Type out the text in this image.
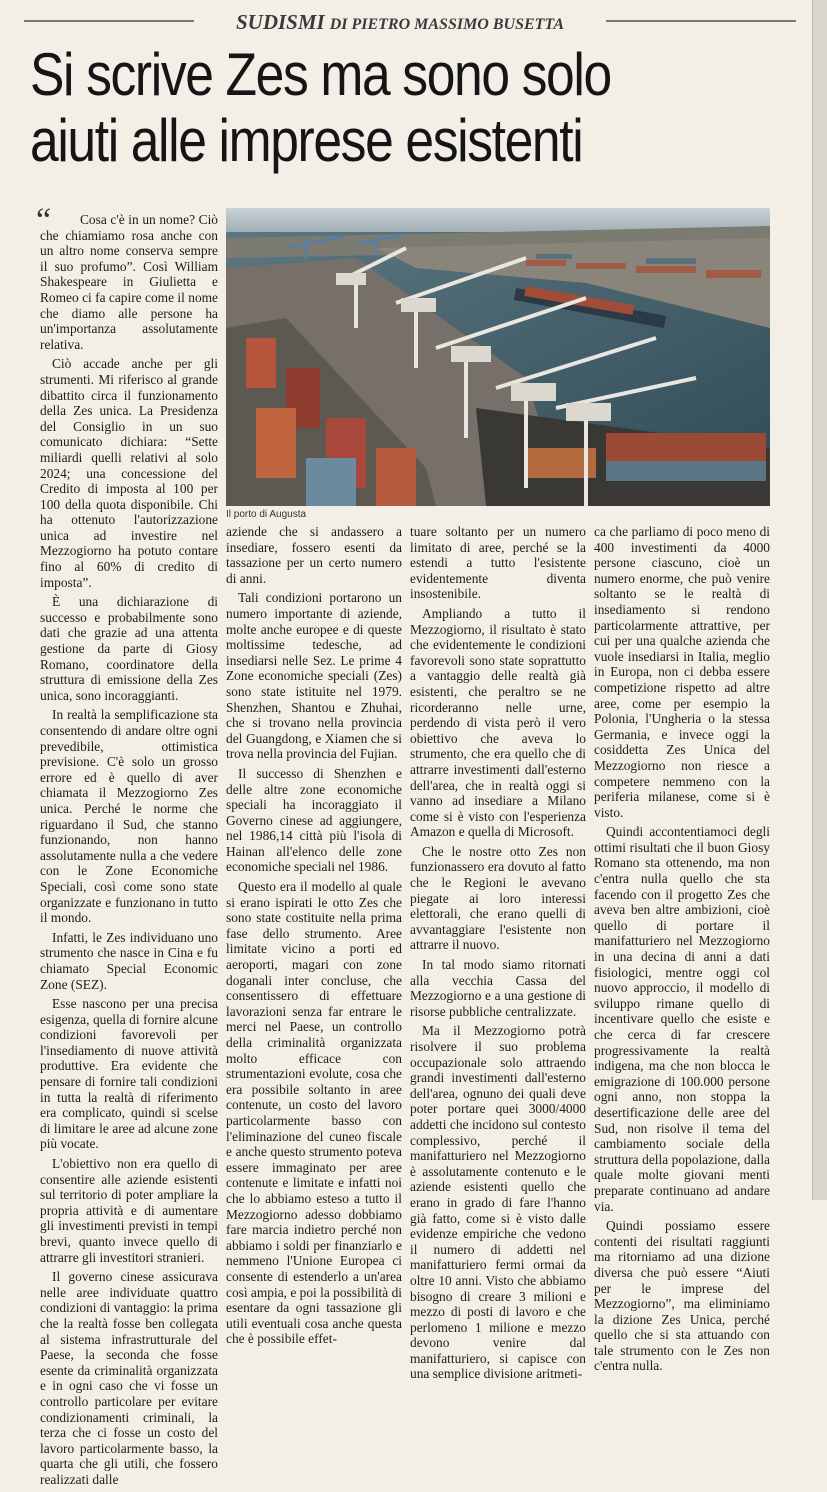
SUDISMI DI PIETRO MASSIMO BUSETTA
Si scrive Zes ma sono solo
aiuti alle imprese esistenti
“	Cosa c'è in un nome? Ciò che chiamiamo rosa anche con un altro nome conserva sempre il suo profumo”. Così William Shakespeare in Giulietta e Romeo ci fa capire come il nome che diamo alle persone ha un'importanza assolutamente relativa.

Ciò accade anche per gli strumenti. Mi riferisco al grande dibattito circa il funzionamento della Zes unica. La Presidenza del Consiglio in un suo comunicato dichiara: “Sette miliardi quelli relativi al solo 2024; una concessione del Credito di imposta al 100 per 100 della quota disponibile. Chi ha ottenuto l'autorizzazione unica ad investire nel Mezzogiorno ha potuto contare fino al 60% di credito di imposta”.

È una dichiarazione di successo e probabilmente sono dati che grazie ad una attenta gestione da parte di Giosy Romano, coordinatore della struttura di emissione della Zes unica, sono incoraggianti.

In realtà la semplificazione sta consentendo di andare oltre ogni prevedibile, ottimistica previsione. C'è solo un grosso errore ed è quello di aver chiamata il Mezzogiorno Zes unica. Perché le norme che riguardano il Sud, che stanno funzionando, non hanno assolutamente nulla a che vedere con le Zone Economiche Speciali, così come sono state organizzate e funzionano in tutto il mondo.

Infatti, le Zes individuano uno strumento che nasce in Cina e fu chiamato Special Economic Zone (SEZ).

Esse nascono per una precisa esigenza, quella di fornire alcune condizioni favorevoli per l'insediamento di nuove attività produttive. Era evidente che pensare di fornire tali condizioni in tutta la realtà di riferimento era complicato, quindi si scelse di limitare le aree ad alcune zone più vocate.

L'obiettivo non era quello di consentire alle aziende esistenti sul territorio di poter ampliare la propria attività e di aumentare gli investimenti previsti in tempi brevi, quanto invece quello di attrarre gli investitori stranieri.

Il governo cinese assicurava nelle aree individuate quattro condizioni di vantaggio: la prima che la realtà fosse ben collegata al sistema infrastrutturale del Paese, la seconda che fosse esente da criminalità organizzata e in ogni caso che vi fosse un controllo particolare per evitare condizionamenti criminali, la terza che ci fosse un costo del lavoro particolarmente basso, la quarta che gli utili, che fossero realizzati dalle

Il porto di Augusta

aziende che si andassero a insediare, fossero esenti da tassazione per un certo numero di anni.

Tali condizioni portarono un numero importante di aziende, molte anche europee e di queste moltissime tedesche, ad insediarsi nelle Sez. Le prime 4 Zone economiche speciali (Zes) sono state istituite nel 1979. Shenzhen, Shantou e Zhuhai, che si trovano nella provincia del Guangdong, e Xiamen che si trova nella provincia del Fujian.

Il successo di Shenzhen e delle altre zone economiche speciali ha incoraggiato il Governo cinese ad aggiungere, nel 1986,14 città più l'isola di Hainan all'elenco delle zone economiche speciali nel 1986.

Questo era il modello al quale si erano ispirati le otto Zes che sono state costituite nella prima fase dello strumento. Aree limitate vicino a porti ed aeroporti, magari con zone doganali inter concluse, che consentissero di effettuare lavorazioni senza far entrare le merci nel Paese, un controllo della criminalità organizzata molto efficace con strumentazioni evolute, cosa che era possibile soltanto in aree contenute, un costo del lavoro particolarmente basso con l'eliminazione del cuneo fiscale e anche questo strumento poteva essere immaginato per aree contenute e limitate e infatti noi che lo abbiamo esteso a tutto il Mezzogiorno adesso dobbiamo fare marcia indietro perché non abbiamo i soldi per finanziarlo e nemmeno l'Unione Europea ci consente di estenderlo a un'area così ampia, e poi la possibilità di esentare da ogni tassazione gli utili eventuali cosa anche questa che è possibile effet-

tuare soltanto per un numero limitato di aree, perché se la estendi a tutto l'esistente evidentemente diventa insostenibile.

Ampliando a tutto il Mezzogiorno, il risultato è stato che evidentemente le condizioni favorevoli sono state soprattutto a vantaggio delle realtà già esistenti, che peraltro se ne ricorderanno nelle urne, perdendo di vista però il vero obiettivo che aveva lo strumento, che era quello che di attrarre investimenti dall'esterno dell'area, che in realtà oggi si vanno ad insediare a Milano come si è visto con l'esperienza Amazon e quella di Microsoft.

Che le nostre otto Zes non funzionassero era dovuto al fatto che le Regioni le avevano piegate ai loro interessi elettorali, che erano quelli di avvantaggiare l'esistente non attrarre il nuovo.

In tal modo siamo ritornati alla vecchia Cassa del Mezzogiorno e a una gestione di risorse pubbliche centralizzate.

Ma il Mezzogiorno potrà risolvere il suo problema occupazionale solo attraendo grandi investimenti dall'esterno dell'area, ognuno dei quali deve poter portare quei 3000/4000 addetti che incidono sul contesto complessivo, perché il manifatturiero nel Mezzogiorno è assolutamente contenuto e le aziende esistenti quello che erano in grado di fare l'hanno già fatto, come si è visto dalle evidenze empiriche che vedono il numero di addetti nel manifatturiero fermi ormai da oltre 10 anni. Visto che abbiamo bisogno di creare 3 milioni e mezzo di posti di lavoro e che perlomeno 1 milione e mezzo devono venire dal manifatturiero, si capisce con una semplice divisione aritmeti-

ca che parliamo di poco meno di 400 investimenti da 4000 persone ciascuno, cioè un numero enorme, che può venire soltanto se le realtà di insediamento si rendono particolarmente attrattive, per cui per una qualche azienda che vuole insediarsi in Italia, meglio in Europa, non ci debba essere competizione rispetto ad altre aree, come per esempio la Polonia, l'Ungheria o la stessa Germania, e invece oggi la cosiddetta Zes Unica del Mezzogiorno non riesce a competere nemmeno con la periferia milanese, come si è visto.

Quindi accontentiamoci degli ottimi risultati che il buon Giosy Romano sta ottenendo, ma non c'entra nulla quello che sta facendo con il progetto Zes che aveva ben altre ambizioni, cioè quello di portare il manifatturiero nel Mezzogiorno in una decina di anni a dati fisiologici, mentre oggi col nuovo approccio, il modello di sviluppo rimane quello di incentivare quello che esiste e che cerca di far crescere progressivamente la realtà indigena, ma che non blocca le emigrazione di 100.000 persone ogni anno, non stoppa la desertificazione delle aree del Sud, non risolve il tema del cambiamento sociale della struttura della popolazione, dalla quale molte giovani menti preparate continuano ad andare via.

Quindi possiamo essere contenti dei risultati raggiunti ma ritorniamo ad una dizione diversa che può essere “Aiuti per le imprese del Mezzogiorno”, ma eliminiamo la dizione Zes Unica, perché quello che si sta attuando con tale strumento con le Zes non c'entra nulla.
